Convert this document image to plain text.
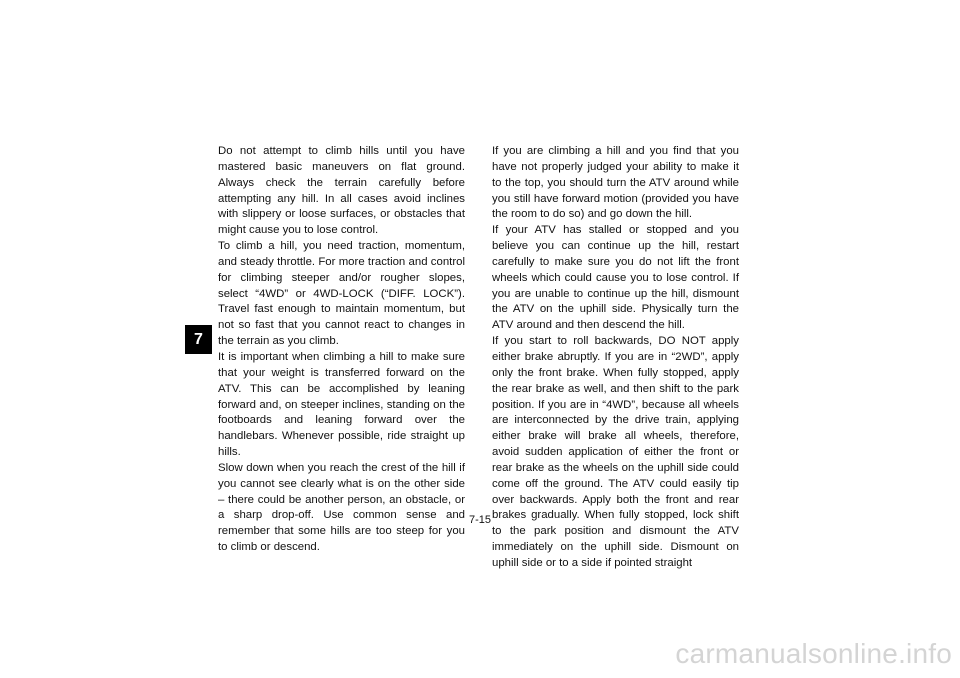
7

Do not attempt to climb hills until you have mastered basic maneuvers on flat ground. Always check the terrain carefully before attempting any hill. In all cases avoid inclines with slippery or loose surfaces, or obstacles that might cause you to lose control.

To climb a hill, you need traction, momentum, and steady throttle. For more traction and control for climbing steeper and/or rougher slopes, select “4WD” or 4WD-LOCK (“DIFF. LOCK”). Travel fast enough to maintain momentum, but not so fast that you cannot react to changes in the terrain as you climb.

It is important when climbing a hill to make sure that your weight is transferred forward on the ATV. This can be accomplished by leaning forward and, on steeper inclines, standing on the footboards and leaning forward over the handlebars. Whenever possible, ride straight up hills.

Slow down when you reach the crest of the hill if you cannot see clearly what is on the other side – there could be another person, an obstacle, or a sharp drop-off. Use common sense and remember that some hills are too steep for you to climb or descend.

If you are climbing a hill and you find that you have not properly judged your ability to make it to the top, you should turn the ATV around while you still have forward motion (provided you have the room to do so) and go down the hill.

If your ATV has stalled or stopped and you believe you can continue up the hill, restart carefully to make sure you do not lift the front wheels which could cause you to lose control. If you are unable to continue up the hill, dismount the ATV on the uphill side. Physically turn the ATV around and then descend the hill.

If you start to roll backwards, DO NOT apply either brake abruptly. If you are in “2WD”, apply only the front brake. When fully stopped, apply the rear brake as well, and then shift to the park position. If you are in “4WD”, because all wheels are interconnected by the drive train, applying either brake will brake all wheels, therefore, avoid sudden application of either the front or rear brake as the wheels on the uphill side could come off the ground. The ATV could easily tip over backwards. Apply both the front and rear brakes gradually. When fully stopped, lock shift to the park position and dismount the ATV immediately on the uphill side. Dismount on uphill side or to a side if pointed straight

7-15
carmanualsonline.info
